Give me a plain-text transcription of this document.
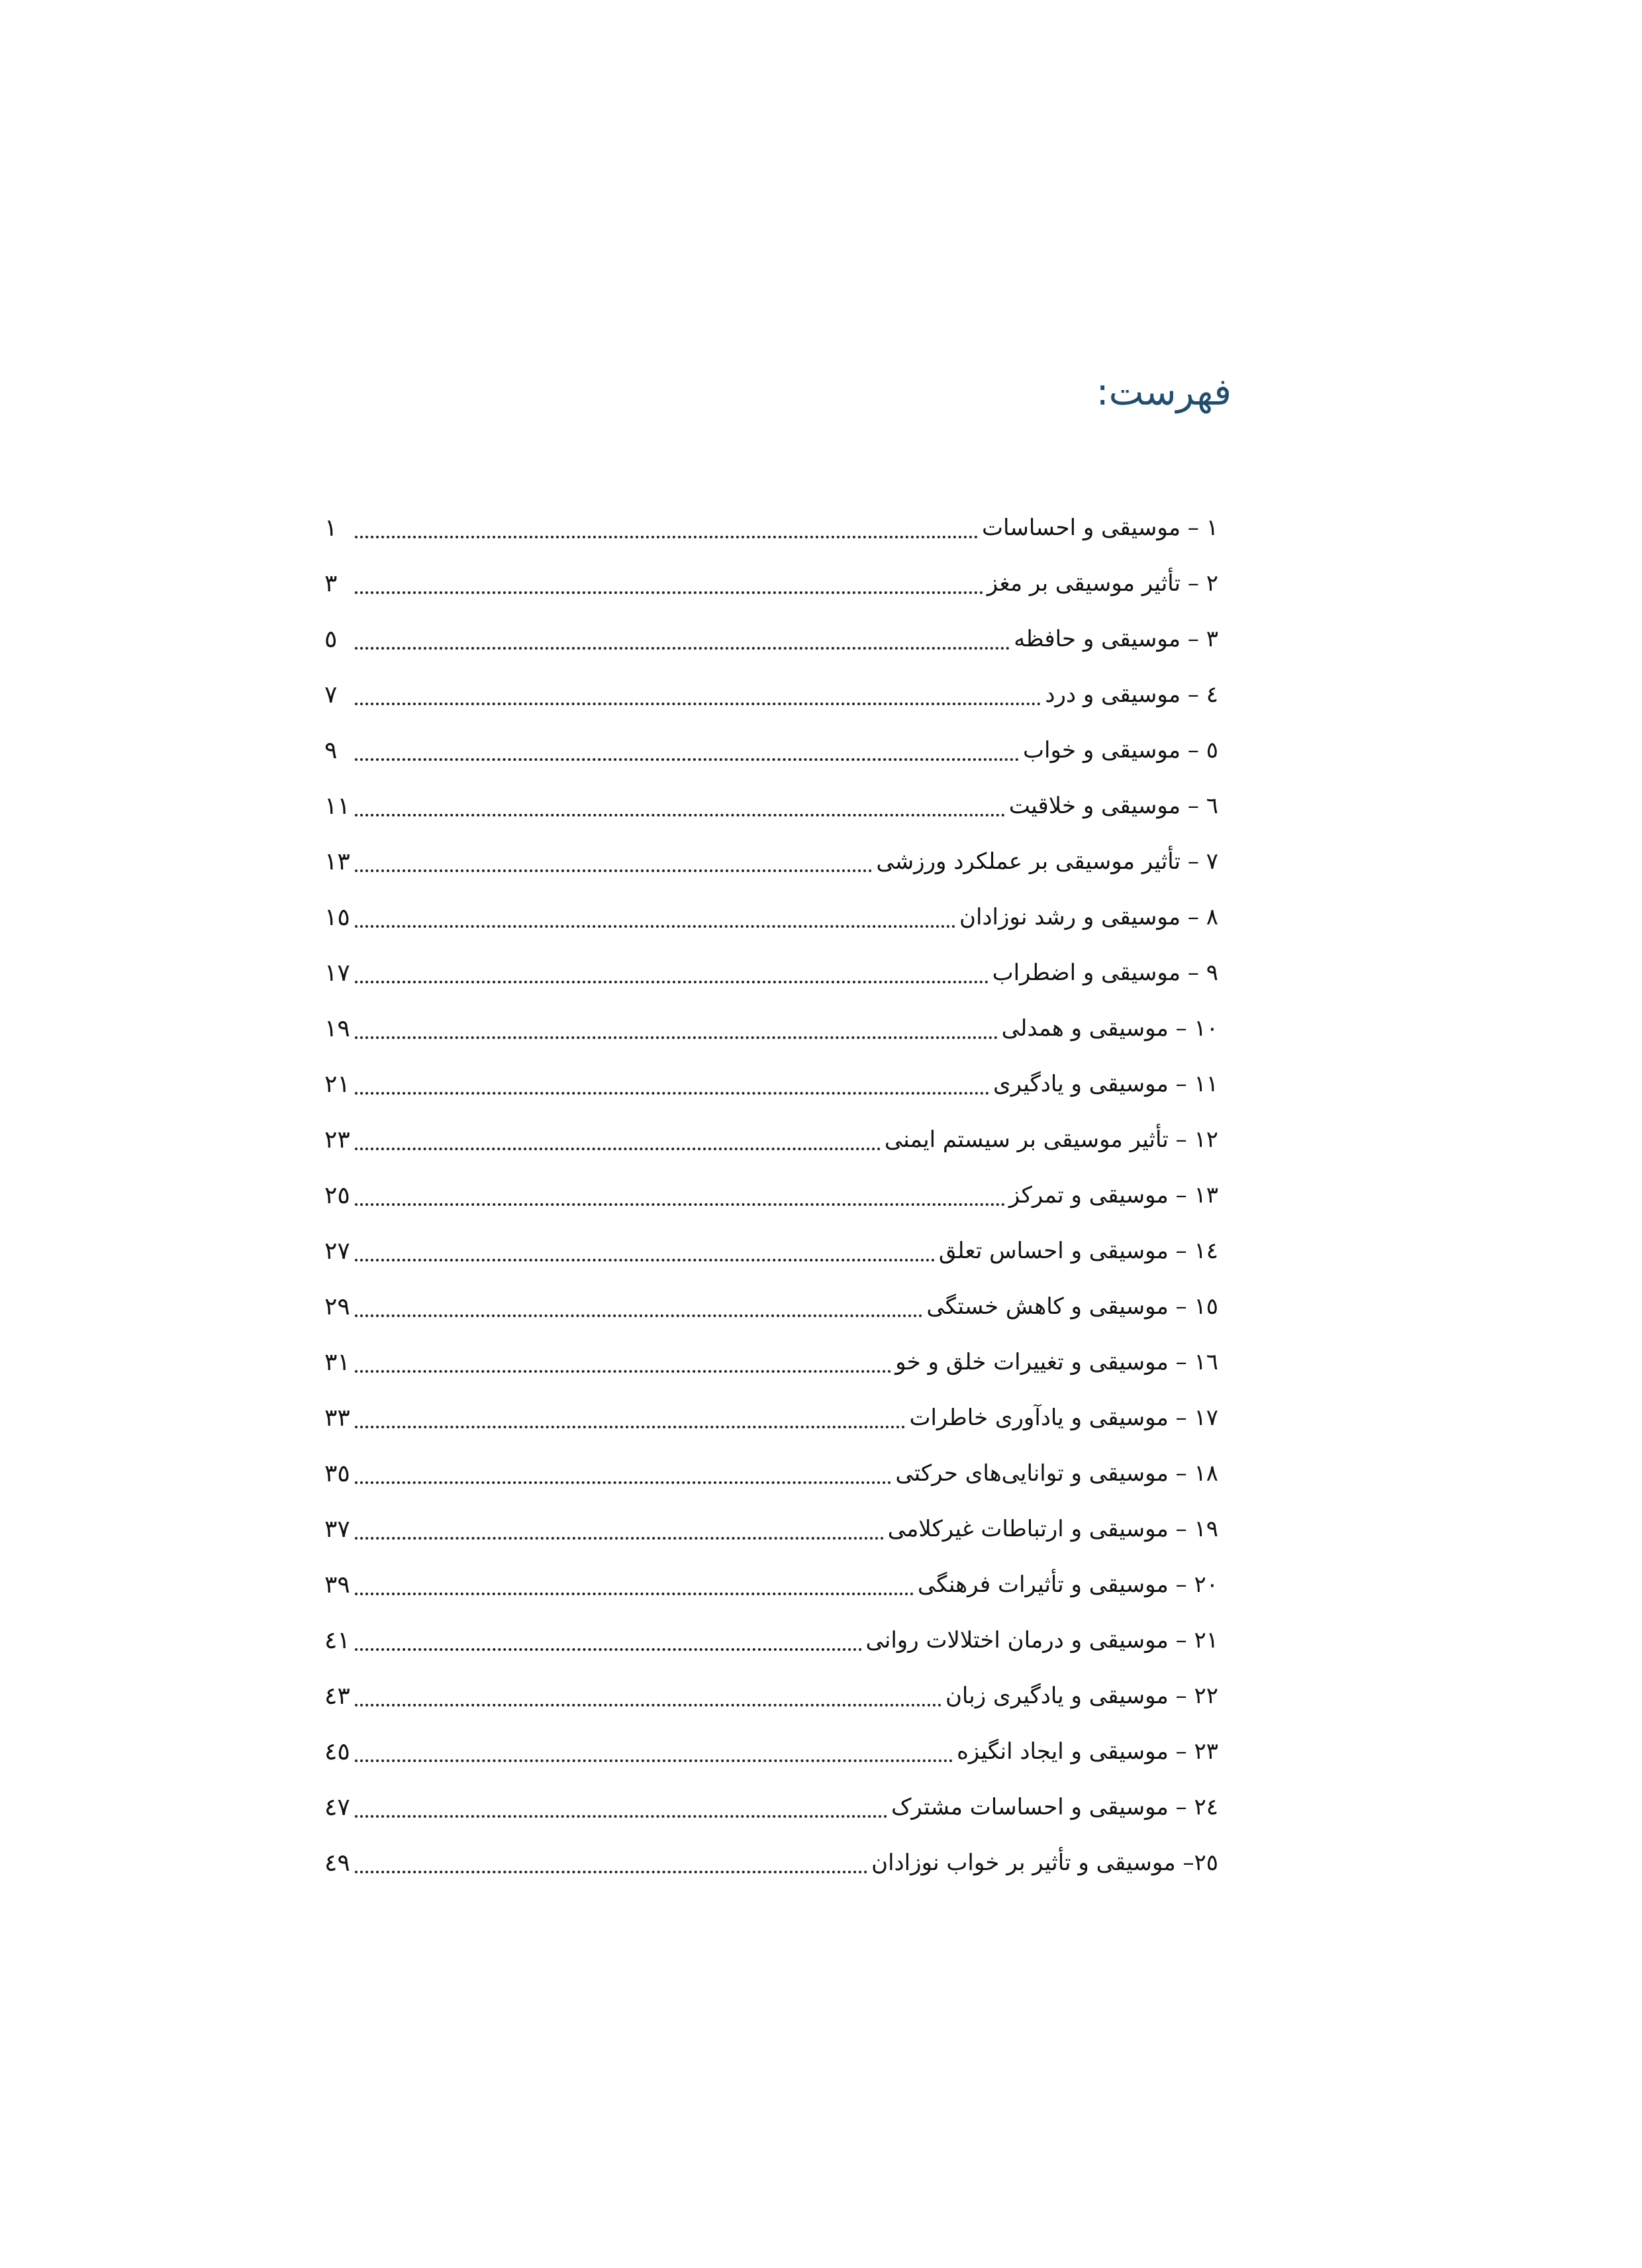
فهرست:
١	١ – موسیقی و احساسات
٣	٢ – تأثیر موسیقی بر مغز
٥	٣ – موسیقی و حافظه
٧	٤ – موسیقی و درد
٩	٥ – موسیقی و خواب
١١	٦ – موسیقی و خلاقیت
١٣	٧ – تأثیر موسیقی بر عملکرد ورزشی
١٥	٨ – موسیقی و رشد نوزادان
١٧	٩ – موسیقی و اضطراب
١٩	١٠ – موسیقی و همدلی
٢١	١١ – موسیقی و یادگیری
٢٣	١٢ – تأثیر موسیقی بر سیستم ایمنی
٢٥	١٣ – موسیقی و تمرکز
٢٧	١٤ – موسیقی و احساس تعلق
٢٩	١٥ – موسیقی و کاهش خستگی
٣١	١٦ – موسیقی و تغییرات خلق و خو
٣٣	١٧ – موسیقی و یادآوری خاطرات
٣٥	١٨ – موسیقی و توانایی‌های حرکتی
٣٧	١٩ – موسیقی و ارتباطات غیرکلامی
٣٩	٢٠ – موسیقی و تأثیرات فرهنگی
٤١	٢١ – موسیقی و درمان اختلالات روانی
٤٣	٢٢ – موسیقی و یادگیری زبان
٤٥	٢٣ – موسیقی و ایجاد انگیزه
٤٧	٢٤ – موسیقی و احساسات مشترک
٤٩	٢٥– موسیقی و تأثیر بر خواب نوزادان
